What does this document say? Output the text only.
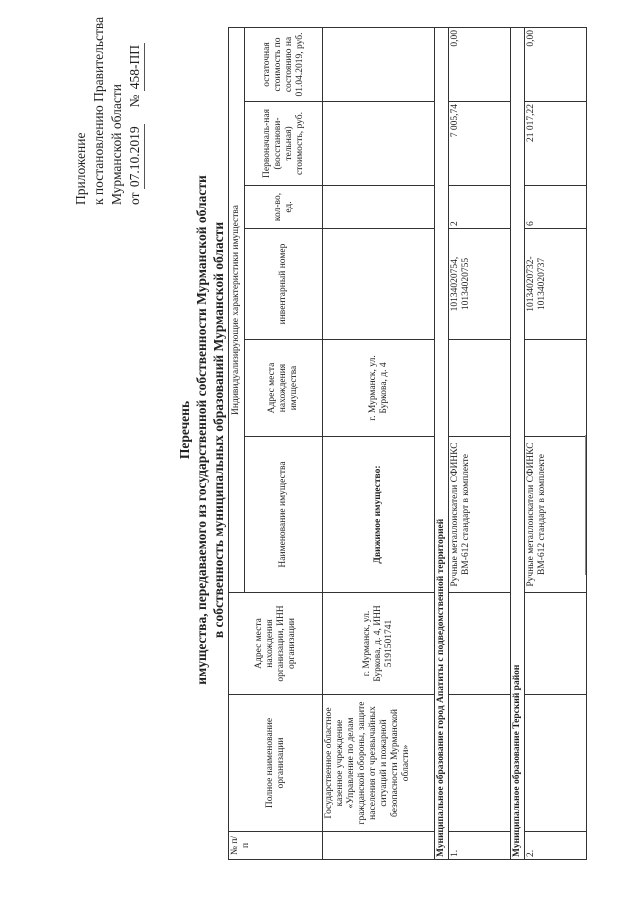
Приложение к постановлению Правительства Мурманской области от 07.10.2019     № 458-ПП
Перечень имущества, передаваемого из государственной собственности Мурманской области в собственность муниципальных образований Мурманской области
№ п/п	Полное наименование организации	Адрес места нахождения организации, ИНН организации	Индивидуализирующие характеристики имущества					
			Наименование имущества	Адрес места нахождения имущества	инвентарный номер	кол-во, ед.	Первоначаль-ная (восстанови-тельная) стоимость, руб.	остаточная стоимость по состоянию на 01.04.2019, руб.
	Государственное областное казенное учреждение «Управление по делам гражданской обороны, защите населения от чрезвычайных ситуаций и пожарной безопасности Мурманской области»	г. Мурманск, ул. Буркова, д. 4, ИНН 5191501741	Движимое имущество:	г. Мурманск, ул. Буркова, д. 4				
Муниципальное образование город Апатиты с подведомственной территорией								
1.			Ручные металлоискатели СФИНКС ВМ-612 стандарт в комплекте		10134020754, 10134020755	2	7 005,74	0,00
Муниципальное образование Терский район								
2.			Ручные металлоискатели СФИНКС ВМ-612 стандарт в комплекте		10134020732-10134020737	6	21 017,22	0,00
